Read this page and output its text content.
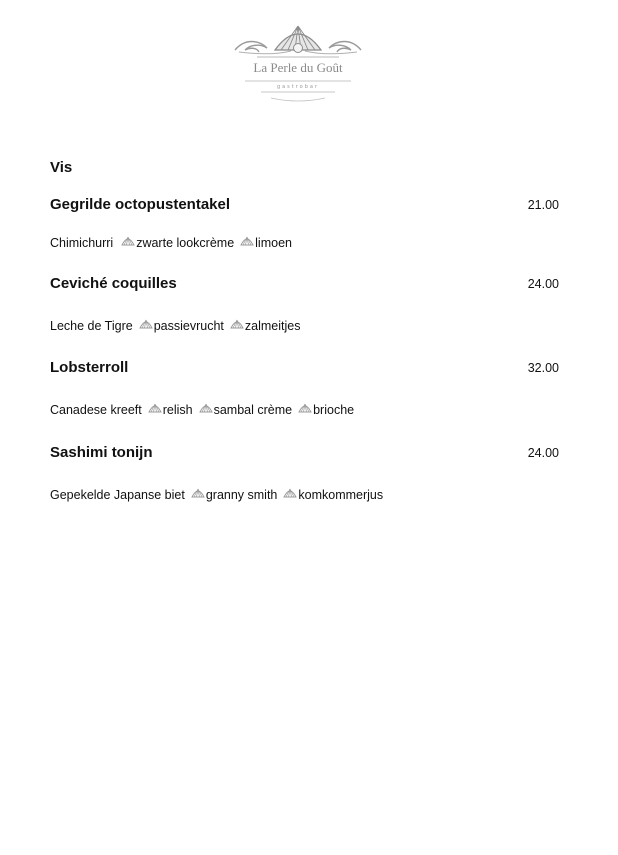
La Perle du Goût
gastrobar
Vis
Gegrilde octopustentakel	21.00
Chimichurri zwarte lookcrème limoen
Ceviché coquilles	24.00
Leche de Tigre passievrucht zalmeitjes
Lobsterroll	32.00
Canadese kreeft relish sambal crème brioche
Sashimi tonijn	24.00
Gepekelde Japanse biet granny smith komkommerjus
